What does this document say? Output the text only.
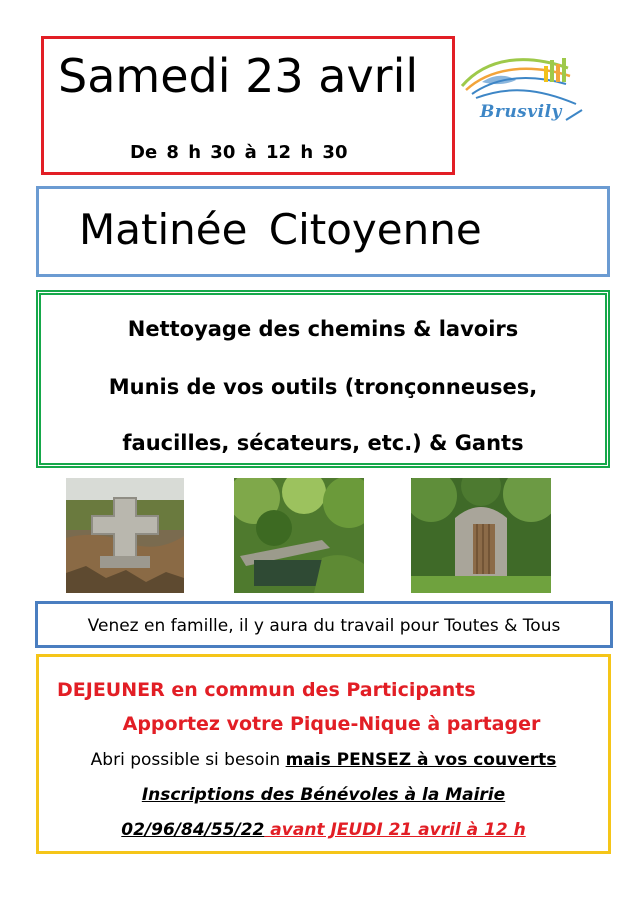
Samedi 23 avril
De 8 h 30 à 12 h 30
Brusvily
Matinée Citoyenne
Nettoyage des chemins & lavoirs
Munis de vos outils (tronçonneuses,
faucilles, sécateurs, etc.) & Gants
Venez en famille, il y aura du travail pour Toutes & Tous
DEJEUNER en commun des Participants
Apportez votre Pique-Nique à partager
Abri possible si besoin mais PENSEZ à vos couverts
Inscriptions des Bénévoles à la Mairie
02/96/84/55/22 avant JEUDI 21 avril à 12 h
